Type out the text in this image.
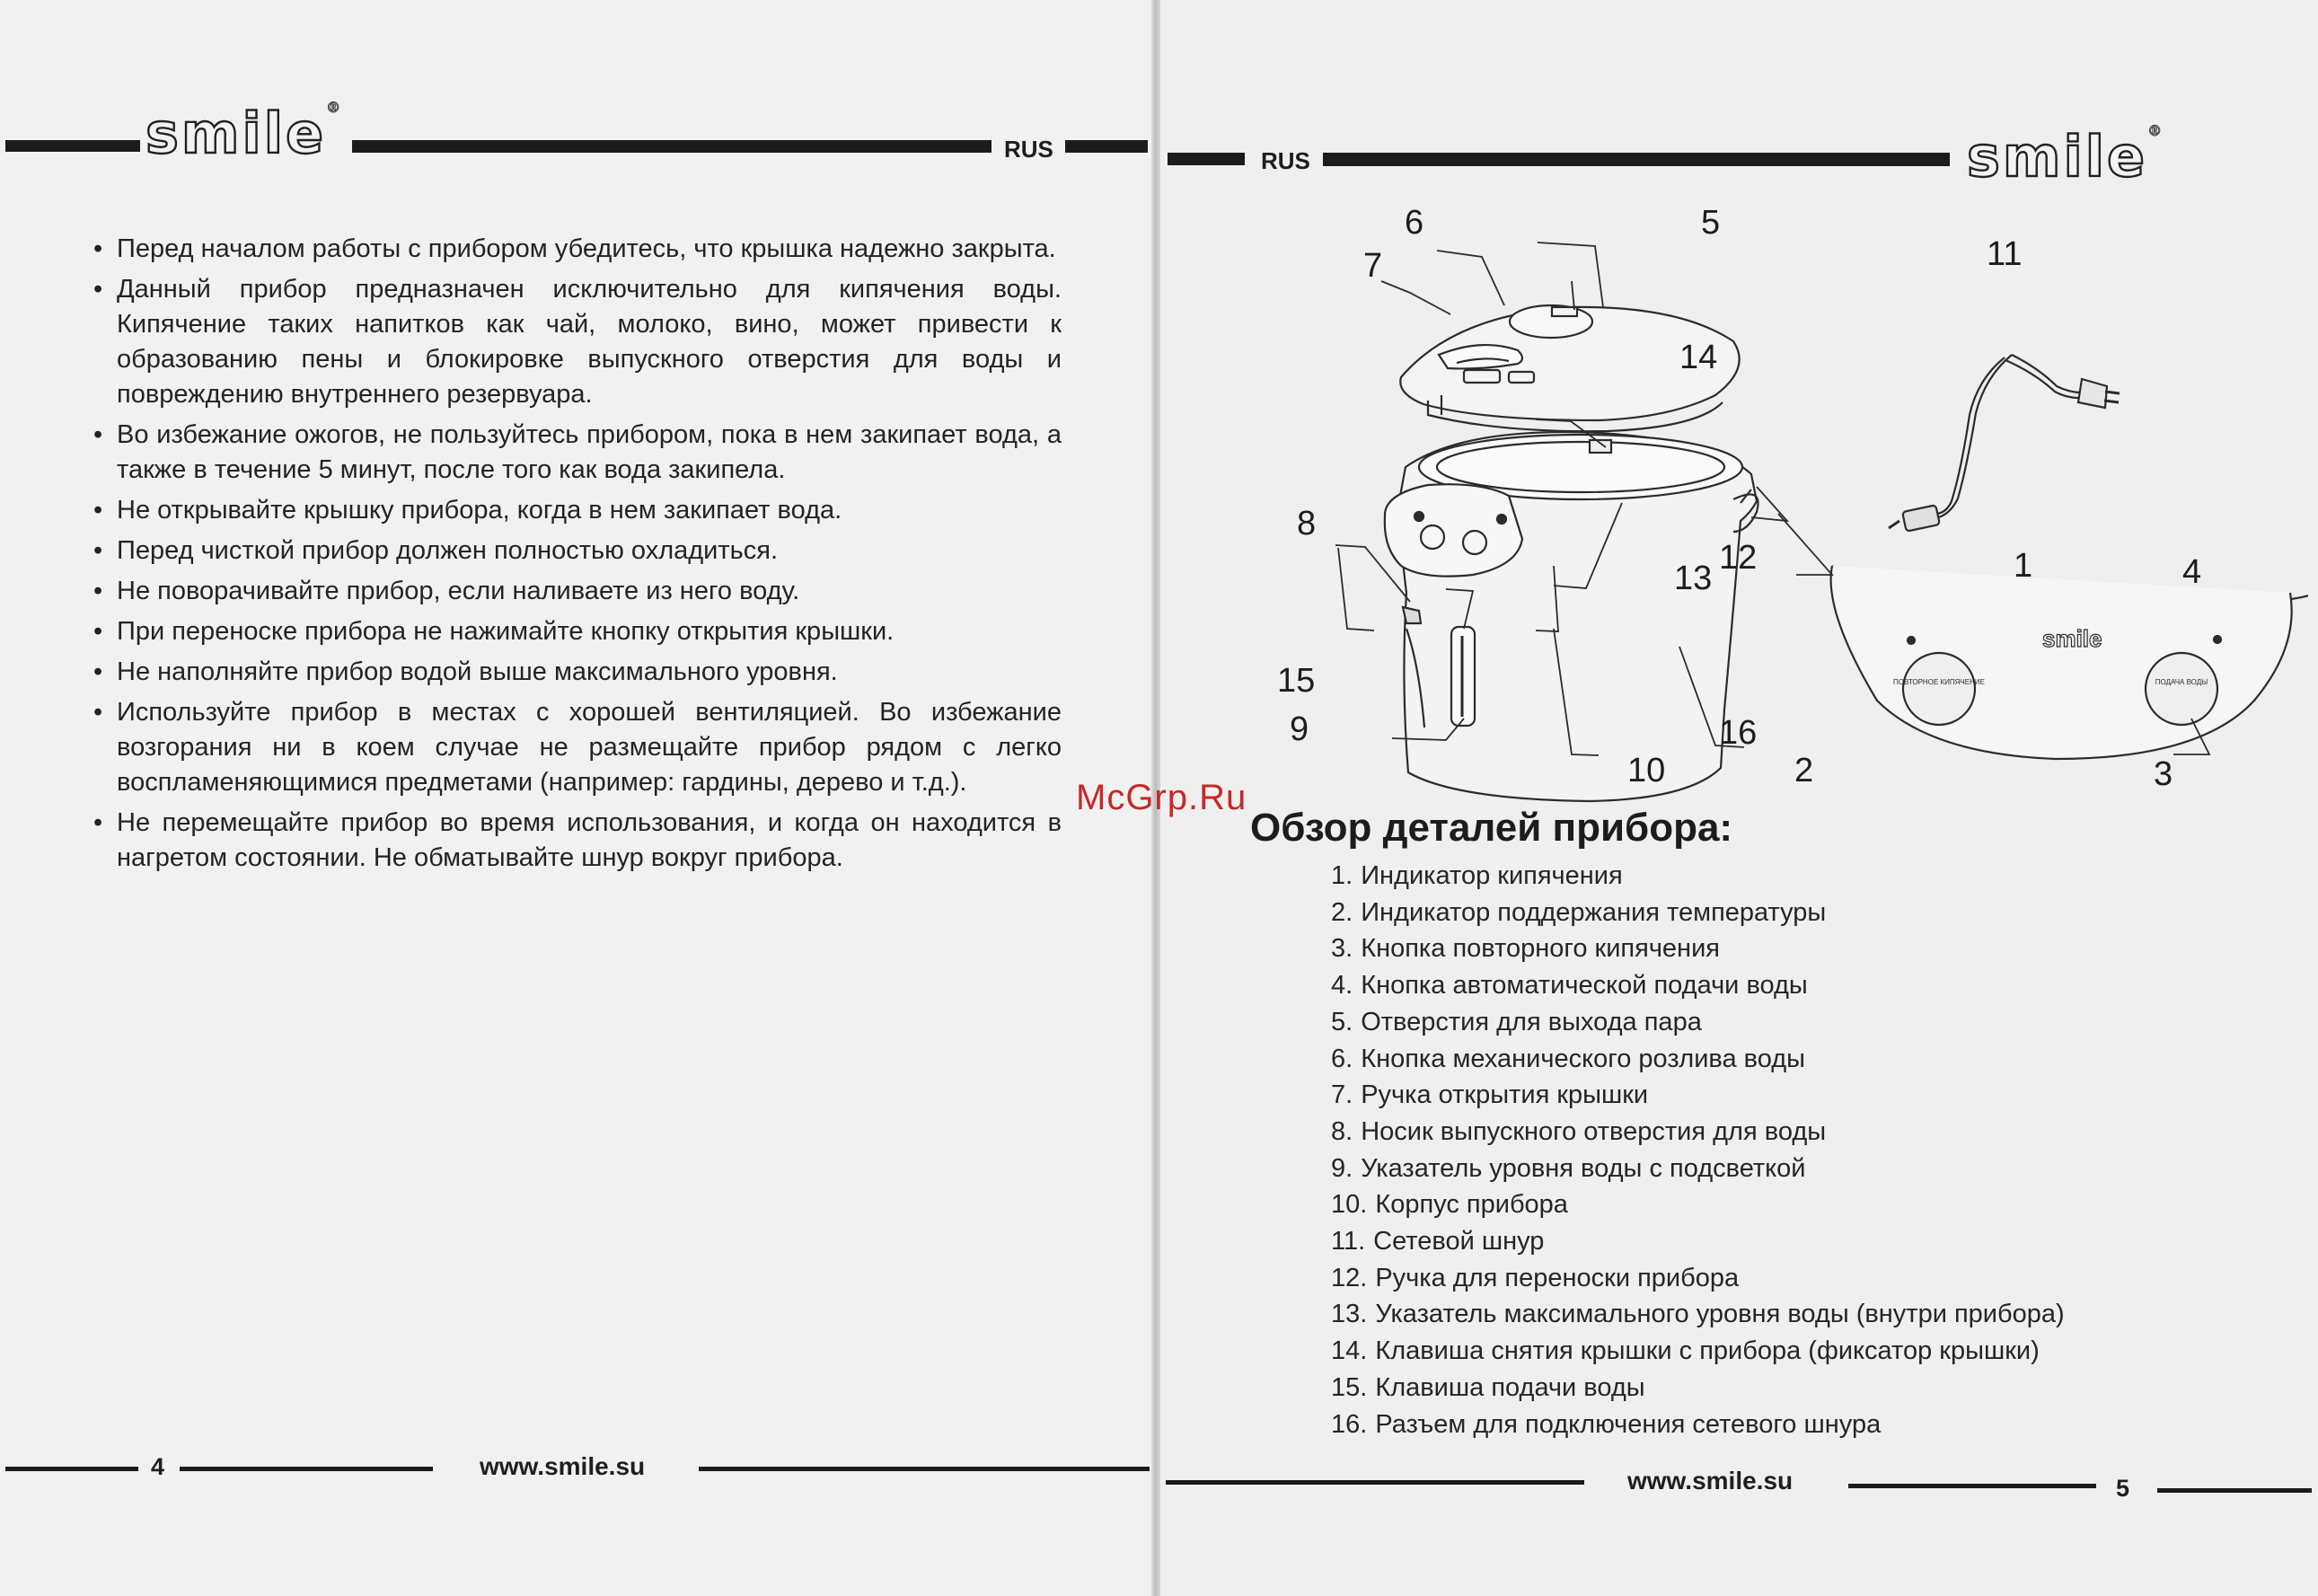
smile®
RUS
• Перед началом работы с прибором убедитесь, что крышка надежно закрыта.
• Данный прибор предназначен исключительно для кипячения воды. Кипячение таких напитков как чай, молоко, вино, может привести к образованию пены и блокировке выпускного отверстия для воды и повреждению внутреннего резервуара.
• Во избежание ожогов, не пользуйтесь прибором, пока в нем закипает вода, а также в течение 5 минут, после того как вода закипела.
• Не открывайте крышку прибора, когда в нем закипает вода.
• Перед чисткой прибор должен полностью охладиться.
• Не поворачивайте прибор, если наливаете из него воду.
• При переноске прибора не нажимайте кнопку открытия крышки.
• Не наполняйте прибор водой выше максимального уровня.
• Используйте прибор в местах с хорошей вентиляцией. Во избежание возгорания ни в коем случае не размещайте прибор рядом с легко воспламеняющимися предметами (например: гардины, дерево и т.д.).
• Не перемещайте прибор во время использования, и когда он находится в нагретом состоянии. Не обматывайте шнур вокруг прибора.
4	www.smile.su
RUS	smile®
McGrp.Ru
smile
ПОВТОРНОЕ КИПЯЧЕНИЕ	ПОДАЧА ВОДЫ
6
7
5
11
14
8
12
13
15
9	16
10
1	4
2	3
Обзор деталей прибора:
1. Индикатор кипячения
2. Индикатор поддержания температуры
3. Кнопка повторного кипячения
4. Кнопка автоматической подачи воды
5. Отверстия для выхода пара
6. Кнопка механического розлива воды
7. Ручка открытия крышки
8. Носик выпускного отверстия для воды
9. Указатель уровня воды с подсветкой
10. Корпус прибора
11. Сетевой шнур
12. Ручка для переноски прибора
13. Указатель максимального уровня воды (внутри прибора)
14. Клавиша снятия крышки с прибора (фиксатор крышки)
15. Клавиша подачи воды
16. Разъем для подключения сетевого шнура
www.smile.su	5
